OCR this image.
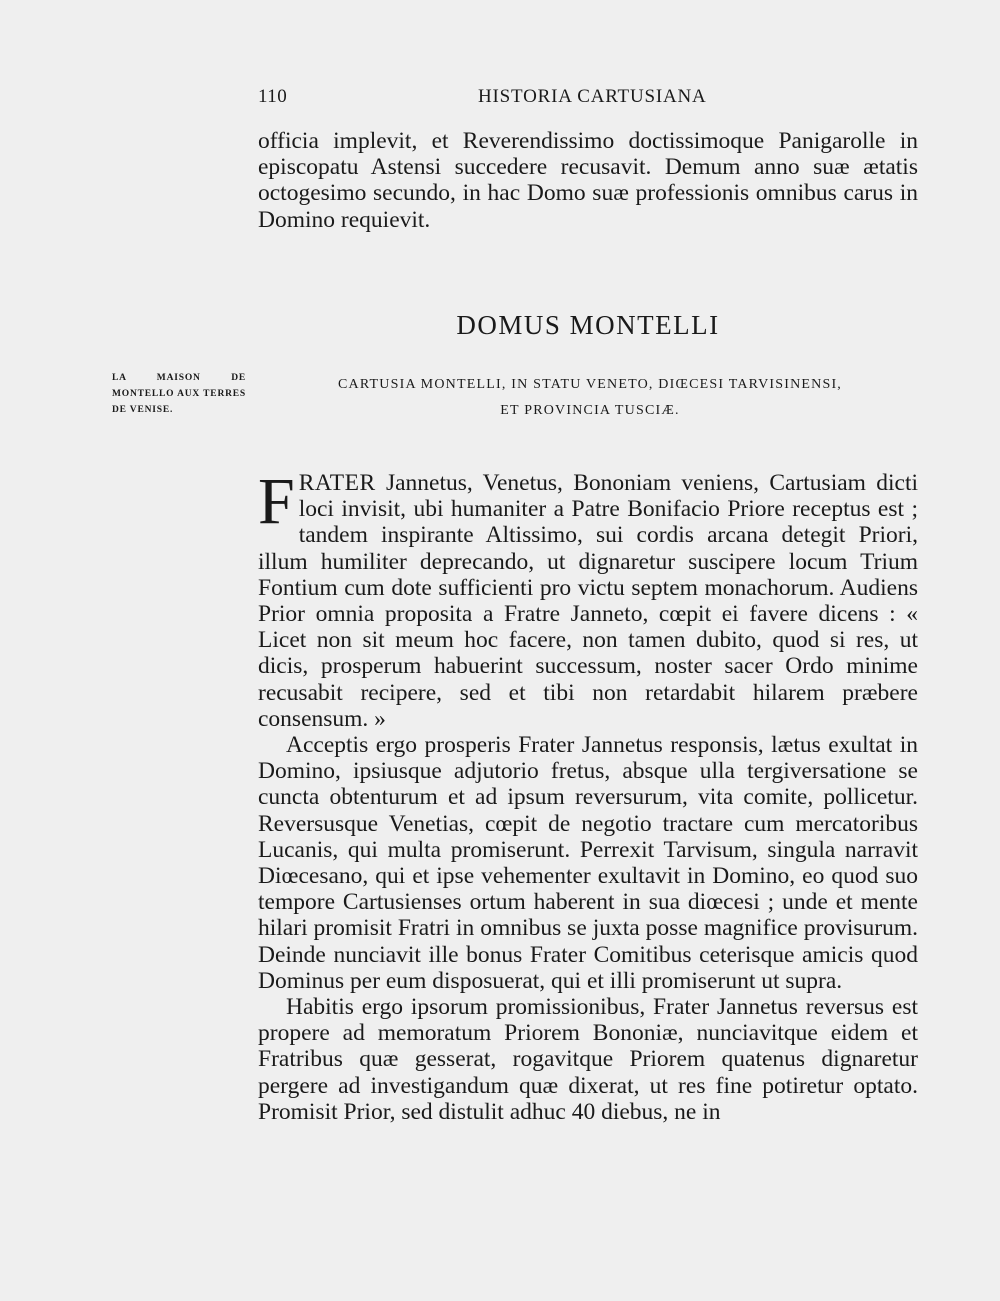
110	HISTORIA CARTUSIANA

officia implevit, et Reverendissimo doctissimoque Panigarolle in episcopatu Astensi succedere recusavit. Demum anno suæ ætatis octogesimo secundo, in hac Domo suæ professionis omnibus carus in Domino requievit.

DOMUS MONTELLI
CARTUSIA MONTELLI, IN STATU VENETO, DIŒCESI TARVISINENSI,
ET PROVINCIA TUSCIÆ.
LA MAISON DE MONTELLO AUX TERRES DE VENISE.

FRATER Jannetus, Venetus, Bononiam veniens, Cartusiam dicti loci invisit, ubi humaniter a Patre Bonifacio Priore receptus est ; tandem inspirante Altissimo, sui cordis arcana detegit Priori, illum humiliter deprecando, ut dignaretur suscipere locum Trium Fontium cum dote sufficienti pro victu septem monachorum. Audiens Prior omnia proposita a Fratre Janneto, cœpit ei favere dicens : « Licet non sit meum hoc facere, non tamen dubito, quod si res, ut dicis, prosperum habuerint successum, noster sacer Ordo minime recusabit recipere, sed et tibi non retardabit hilarem præbere consensum. »

Acceptis ergo prosperis Frater Jannetus responsis, lætus exultat in Domino, ipsiusque adjutorio fretus, absque ulla tergiversatione se cuncta obtenturum et ad ipsum reversurum, vita comite, pollicetur. Reversusque Venetias, cœpit de negotio tractare cum mercatoribus Lucanis, qui multa promiserunt. Perrexit Tarvisum, singula narravit Diœcesano, qui et ipse vehementer exultavit in Domino, eo quod suo tempore Cartusienses ortum haberent in sua diœcesi ; unde et mente hilari promisit Fratri in omnibus se juxta posse magnifice provisurum. Deinde nunciavit ille bonus Frater Comitibus ceterisque amicis quod Dominus per eum disposuerat, qui et illi promiserunt ut supra.

Habitis ergo ipsorum promissionibus, Frater Jannetus reversus est propere ad memoratum Priorem Bononiæ, nunciavitque eidem et Fratribus quæ gesserat, rogavitque Priorem quatenus dignaretur pergere ad investigandum quæ dixerat, ut res fine potiretur optato. Promisit Prior, sed distulit adhuc 40 diebus, ne in
